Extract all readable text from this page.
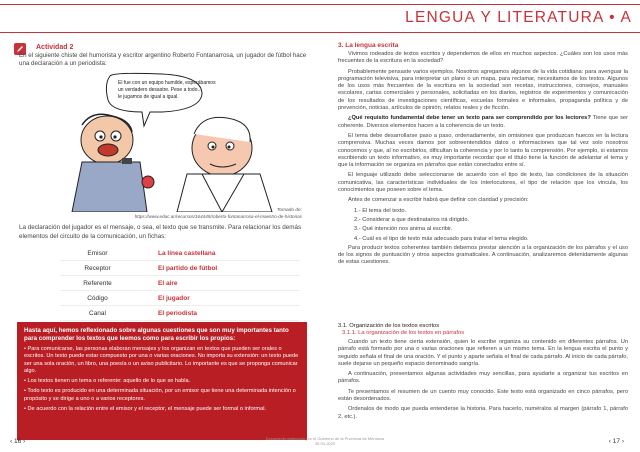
Actividad 2
En el siguiente chiste del humorista y escritor argentino Roberto Fontanarrosa, un jugador de fútbol hace una declaración a un periodista:
El fue con un equipo humilde, esperábamos
un verdadero desastre. Pese a todo...
le jugamos de igual a igual.
Tomado de:
https://www.educ.ar/recursos/164445/roberto-fontanarrosa-el-maestro-de-historias
La declaración del jugador es el mensaje, o sea, el texto que se transmite. Para relacionar los demás elementos del circuito de la comunicación, un fichas:
Emisor	La línea castellana
Receptor	El partido de fútbol
Referente	El aire
Código	El jugador
Canal	El periodista
Hasta aquí, hemos reflexionado sobre algunas cuestiones que son muy importantes tanto para comprender los textos que leemos como para escribir los propios:
• Para comunicarse, las personas elaboran mensajes y los organizan en textos que pueden ser orales o escritos. Un texto puede estar compuesto por una o varias oraciones. No importa su extensión: un texto puede ser una sola oración, un libro, una poesía o un aviso publicitario. Lo importante es que se proponga comunicar algo.
• Los textos tienen un tema o referente: aquello de lo que se habla.
• Todo texto es producido en una determinada situación, por un emisor que tiene una determinada intención o propósito y se dirige a uno o a varios receptores.
• De acuerdo con la relación entre el emisor y el receptor, el mensaje puede ser formal o informal.
‹ 16 ›
LENGUA Y LITERATURA • A
3. La lengua escrita

Vivimos rodeados de textos escritos y dependemos de ellos en muchos aspectos. ¿Cuáles son los usos más frecuentes de la escritura en la sociedad?

Probablemente pensaste varios ejemplos. Nosotros agregamos algunos de la vida cotidiana: para averiguar la programación televisiva, para interpretar un plano o un mapa, para reclamar, necesitamos de los textos. Algunos de los usos más frecuentes de la escritura en la sociedad son recetas, instrucciones, consejos, manuales escolares, cartas comerciales y personales, solicitadas en los diarios, registros de experimentos y comunicación de los resultados de investigaciones científicas, escuelas formales e informales, propaganda política y de prevención, noticias, artículos de opinión, relatos reales y de ficción.

¿Qué requisito fundamental debe tener un texto para ser comprendido por los lectores? Tiene que ser coherente. Diversos elementos hacen a la coherencia de un texto.

El tema debe desarrollarse paso a paso, ordenadamente, sin omisiones que produzcan huecos en la lectura comprensiva. Muchas veces damos por sobreentendidos datos o informaciones que tal vez solo nosotros conocemos y que, al no escribirlos, dificultan la coherencia y por lo tanto la comprensión. Por ejemplo, si estamos escribiendo un texto informativo, es muy importante recordar que el título tiene la función de adelantar el tema y que la información se organiza en párrafos que están conectados entre sí.

El lenguaje utilizado debe seleccionarse de acuerdo con el tipo de texto, las condiciones de la situación comunicativa, las características individuales de los interlocutores, el tipo de relación que los vincula, los conocimientos que poseen sobre el tema.

Antes de comenzar a escribir habrá que definir con claridad y precisión:

1.- El tema del texto.

2.- Considerar a que destinatarios irá dirigido.

3.- Qué intención nos anima al escribir.

4.- Cuál es el tipo de texto más adecuado para tratar el tema elegido.

Para producir textos coherentes también debemos prestar atención a la organización de los párrafos y el uso de los signos de puntuación y otros aspectos gramaticales. A continuación, analizaremos detenidamente algunas de estas cuestiones.

3.1. Organización de los textos escritos
3.1.1. La organización de los textos en párrafos

Cuando un texto tiene cierta extensión, quien lo escribe organiza su contenido en diferentes párrafos. Un párrafo está formado por una o varias oraciones que refieren a un mismo tema. En la lengua escrita el punto y seguido señala el final de una oración. Y el punto y aparte señala el final de cada párrafo. Al inicio de cada párrafo, suele dejarse un pequeño espacio denominado sangría.

A continuación, presentamos algunas actividades muy sencillas, para ayudarte a organizar tus escritos en párrafos.

Te presentamos el resumen de un cuento muy conocido. Este texto está organizado en cinco párrafos, pero están desordenados.

Ordenalos de modo que pueda entenderse la historia. Para hacerlo, numéralos al margen (párrafo 1, párrafo 2, etc.).

‹ 17 ›
Documento elaborado por el Gobierno de la Provincia de Mendoza
30-03-2020
